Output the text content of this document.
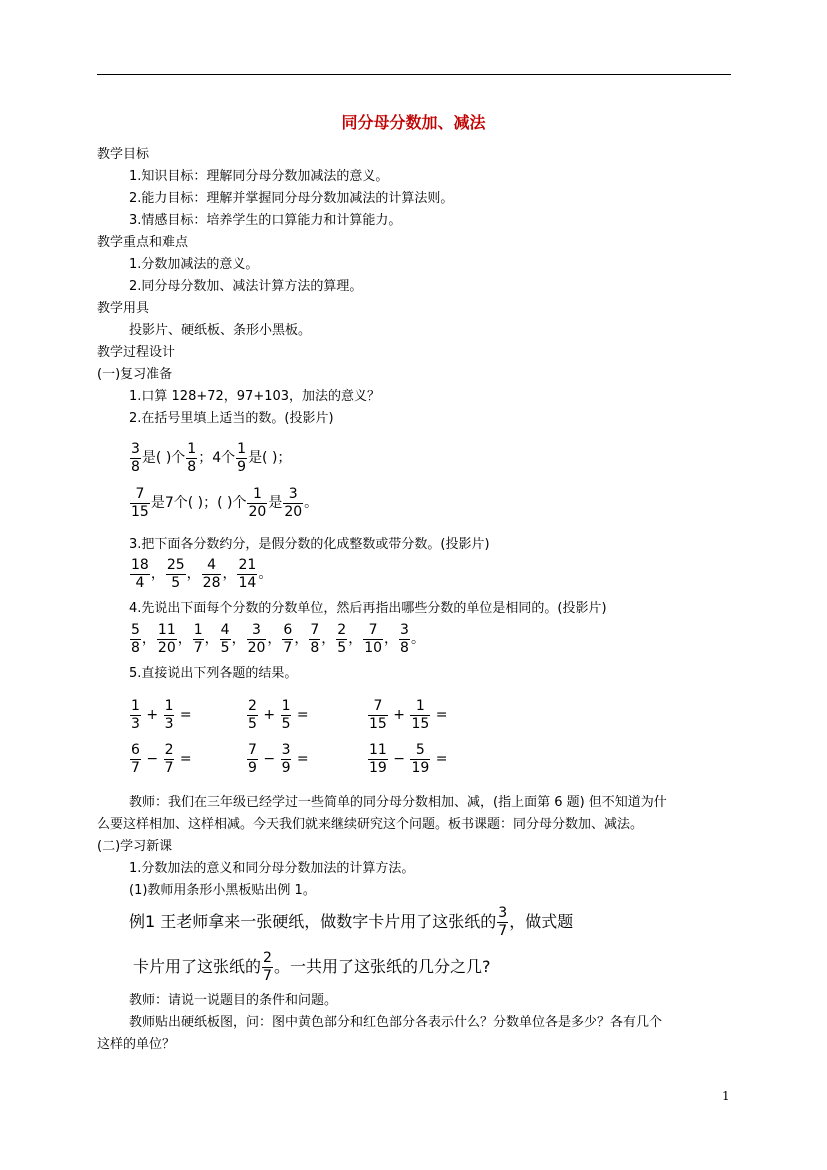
同分母分数加、减法
教学目标
1.知识目标：理解同分母分数加减法的意义。
2.能力目标：理解并掌握同分母分数加减法的计算法则。
3.情感目标：培养学生的口算能力和计算能力。
教学重点和难点
1.分数加减法的意义。
2.同分母分数加、减法计算方法的算理。
教学用具
投影片、硬纸板、条形小黑板。
教学过程设计
(一)复习准备
1.口算 128+72，97+103，加法的意义？
2.在括号里填上适当的数。(投影片)
$\frac{3}{8}$ 是( )个 $\frac{1}{8}$ ；4个 $\frac{1}{9}$ 是( )；
$\frac{7}{15}$ 是7个( )；( )个 $\frac{1}{20}$ 是 $\frac{3}{20}$ 。
3.把下面各分数约分，是假分数的化成整数或带分数。(投影片)
$\frac{18}{4}$ ， $\frac{25}{5}$ ， $\frac{4}{28}$ ， $\frac{21}{14}$ 。
4.先说出下面每个分数的分数单位，然后再指出哪些分数的单位是相同的。(投影片)
$\frac{5}{8}$ ， $\frac{11}{20}$ ， $\frac{1}{7}$ ， $\frac{4}{5}$ ， $\frac{3}{20}$ ， $\frac{6}{7}$ ， $\frac{7}{8}$ ， $\frac{2}{5}$ ， $\frac{7}{10}$ ， $\frac{3}{8}$ 。
5.直接说出下列各题的结果。
$\frac{1}{3} + \frac{1}{3}$ =	$\frac{2}{5} + \frac{1}{5}$ =	$\frac{7}{15} + \frac{1}{15}$ =
$\frac{6}{7} - \frac{2}{7}$ =	$\frac{7}{9} - \frac{3}{9}$ =	$\frac{11}{19} - \frac{5}{19}$ =
教师：我们在三年级已经学过一些简单的同分母分数相加、减，(指上面第 6 题) 但不知道为什
么要这样相加、这样相减。今天我们就来继续研究这个问题。板书课题：同分母分数加、减法。
(二)学习新课
1.分数加法的意义和同分母分数加法的计算方法。
(1)教师用条形小黑板贴出例 1。
例1 王老师拿来一张硬纸，做数字卡片用了这张纸的 $\frac{3}{7}$ ，做式题
卡片用了这张纸的 $\frac{2}{7}$ 。一共用了这张纸的几分之几?
教师：请说一说题目的条件和问题。
教师贴出硬纸板图，问：图中黄色部分和红色部分各表示什么？分数单位各是多少？各有几个
这样的单位？
1
